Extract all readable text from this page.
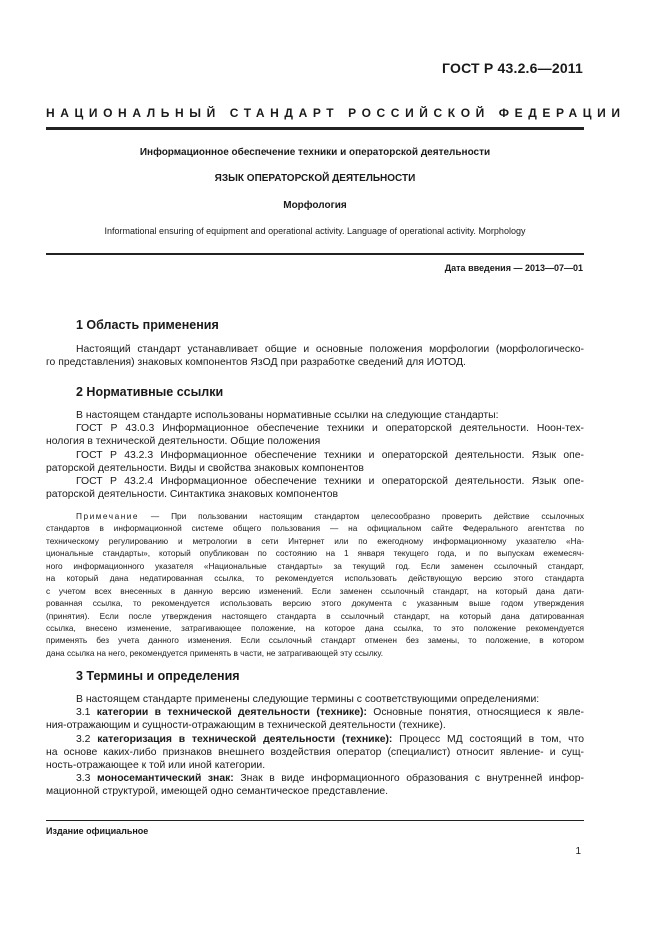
ГОСТ Р 43.2.6—2011
НАЦИОНАЛЬНЫЙ СТАНДАРТ РОССИЙСКОЙ ФЕДЕРАЦИИ
Информационное обеспечение техники и операторской деятельности
ЯЗЫК ОПЕРАТОРСКОЙ ДЕЯТЕЛЬНОСТИ
Морфология
Informational ensuring of equipment and operational activity. Language of operational activity. Morphology
Дата введения — 2013—07—01
1 Область применения
Настоящий стандарт устанавливает общие и основные положения морфологии (морфологическо-
го представления) знаковых компонентов ЯзОД при разработке сведений для ИОТОД.
2 Нормативные ссылки
В настоящем стандарте использованы нормативные ссылки на следующие стандарты:
ГОСТ Р 43.0.3 Информационное обеспечение техники и операторской деятельности. Ноон-тех-
нология в технической деятельности. Общие положения
ГОСТ Р 43.2.3 Информационное обеспечение техники и операторской деятельности. Язык опе-
раторской деятельности. Виды и свойства знаковых компонентов
ГОСТ Р 43.2.4 Информационное обеспечение техники и операторской деятельности. Язык опе-
раторской деятельности. Синтактика знаковых компонентов
Примечание — При пользовании настоящим стандартом целесообразно проверить действие ссылочных
стандартов в информационной системе общего пользования — на официальном сайте Федерального агентства по
техническому регулированию и метрологии в сети Интернет или по ежегодному информационному указателю «На-
циональные стандарты», который опубликован по состоянию на 1 января текущего года, и по выпускам ежемесяч-
ного информационного указателя «Национальные стандарты» за текущий год. Если заменен ссылочный стандарт,
на который дана недатированная ссылка, то рекомендуется использовать действующую версию этого стандарта
с учетом всех внесенных в данную версию изменений. Если заменен ссылочный стандарт, на который дана дати-
рованная ссылка, то рекомендуется использовать версию этого документа с указанным выше годом утверждения
(принятия). Если после утверждения настоящего стандарта в ссылочный стандарт, на который дана датированная
ссылка, внесено изменение, затрагивающее положение, на которое дана ссылка, то это положение рекомендуется
применять без учета данного изменения. Если ссылочный стандарт отменен без замены, то положение, в котором
дана ссылка на него, рекомендуется применять в части, не затрагивающей эту ссылку.
3 Термины и определения
В настоящем стандарте применены следующие термины с соответствующими определениями:
3.1 категории в технической деятельности (технике): Основные понятия, относящиеся к явле-
ния-отражающим и сущности-отражающим в технической деятельности (технике).
3.2 категоризация в технической деятельности (технике): Процесс МД состоящий в том, что
на основе каких-либо признаков внешнего воздействия оператор (специалист) относит явление- и сущ-
ность-отражающее к той или иной категории.
3.3 моносемантический знак: Знак в виде информационного образования с внутренней инфор-
мационной структурой, имеющей одно семантическое представление.
Издание официальное
1
